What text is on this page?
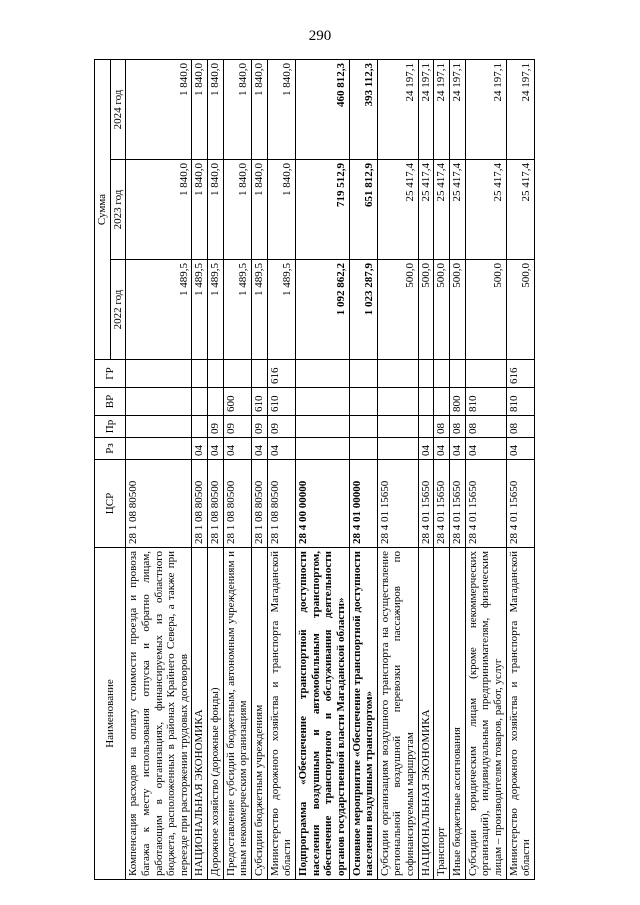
290
Наименование	ЦСР	Рз	Пр	ВР	ГР	Сумма		
						2022 год	2023 год	2024 год
Компенсация расходов на оплату стоимости проезда и провоза багажа к месту использования отпуска и обратно лицам, работающим в организациях, финансируемых из областного бюджета, расположенных в районах Крайнего Севера, а также при переезде при расторжении трудовых договоров	28 1 08 80500					1 489,5	1 840,0	1 840,0
НАЦИОНАЛЬНАЯ ЭКОНОМИКА	28 1 08 80500	04				1 489,5	1 840,0	1 840,0
Дорожное хозяйство (дорожные фонды)	28 1 08 80500	04	09			1 489,5	1 840,0	1 840,0
Предоставление субсидий бюджетным, автономным учреждениям и иным некоммерческим организациям	28 1 08 80500	04	09	600		1 489,5	1 840,0	1 840,0
Субсидии бюджетным учреждениям	28 1 08 80500	04	09	610		1 489,5	1 840,0	1 840,0
Министерство дорожного хозяйства и транспорта Магаданской области	28 1 08 80500	04	09	610	616	1 489,5	1 840,0	1 840,0
Подпрограмма «Обеспечение транспортной доступности населения воздушным и автомобильным транспортом, обеспечение транспортного и обслуживания деятельности органов государственной власти Магаданской области»	28 4 00 00000					1 092 862,2	719 512,9	460 812,3
Основное мероприятие «Обеспечение транспортной доступности населения воздушным транспортом»	28 4 01 00000					1 023 287,9	651 812,9	393 112,3
Субсидии организациям воздушного транспорта на осуществление региональной воздушной перевозки пассажиров по софинансируемым маршрутам	28 4 01 15650					500,0	25 417,4	24 197,1
НАЦИОНАЛЬНАЯ ЭКОНОМИКА	28 4 01 15650	04				500,0	25 417,4	24 197,1
Транспорт	28 4 01 15650	04	08			500,0	25 417,4	24 197,1
Иные бюджетные ассигнования	28 4 01 15650	04	08	800		500,0	25 417,4	24 197,1
Субсидии юридическим лицам (кроме некоммерческих организаций), индивидуальным предпринимателям, физическим лицам – производителям товаров, работ, услуг	28 4 01 15650	04	08	810		500,0	25 417,4	24 197,1
Министерство дорожного хозяйства и транспорта Магаданской области	28 4 01 15650	04	08	810	616	500,0	25 417,4	24 197,1
